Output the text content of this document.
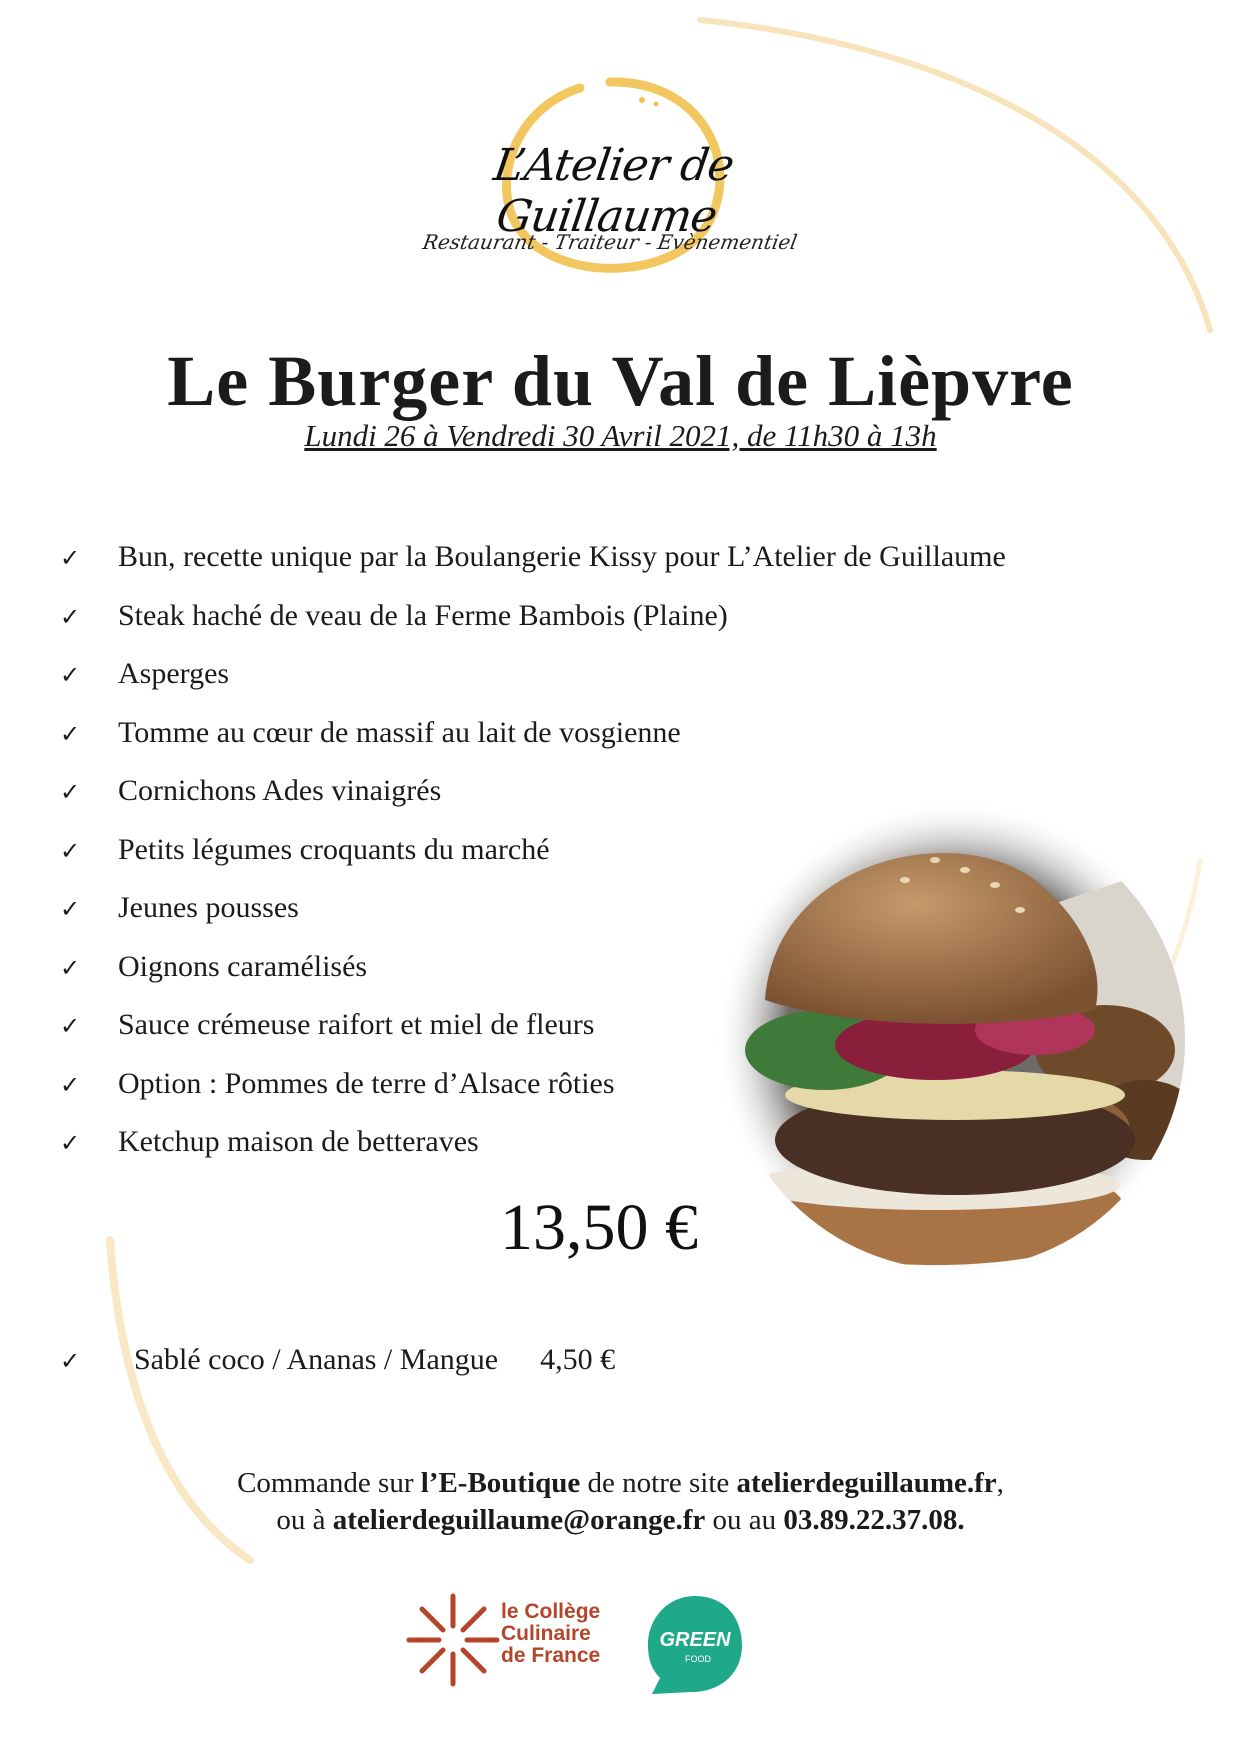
L’Atelier de Guillaume
Restaurant - Traiteur - Evènementiel
Le Burger du Val de Lièpvre
Lundi 26 à Vendredi 30 Avril 2021, de 11h30 à 13h
✓	Bun, recette unique par la Boulangerie Kissy pour L’Atelier de Guillaume
✓	Steak haché de veau de la Ferme Bambois (Plaine)
✓	Asperges
✓	Tomme au cœur de massif au lait de vosgienne
✓	Cornichons Ades vinaigrés
✓	Petits légumes croquants du marché
✓	Jeunes pousses
✓	Oignons caramélisés
✓	Sauce crémeuse raifort et miel de fleurs
✓	Option : Pommes de terre d’Alsace rôties
✓	Ketchup maison de betteraves
13,50 €
✓	Sablé coco / Ananas / Mangue 4,50 €
Commande sur l’E-Boutique de notre site atelierdeguillaume.fr,
ou à atelierdeguillaume@orange.fr ou au 03.89.22.37.08.
le Collège
Culinaire
de France
GREEN
FOOD
